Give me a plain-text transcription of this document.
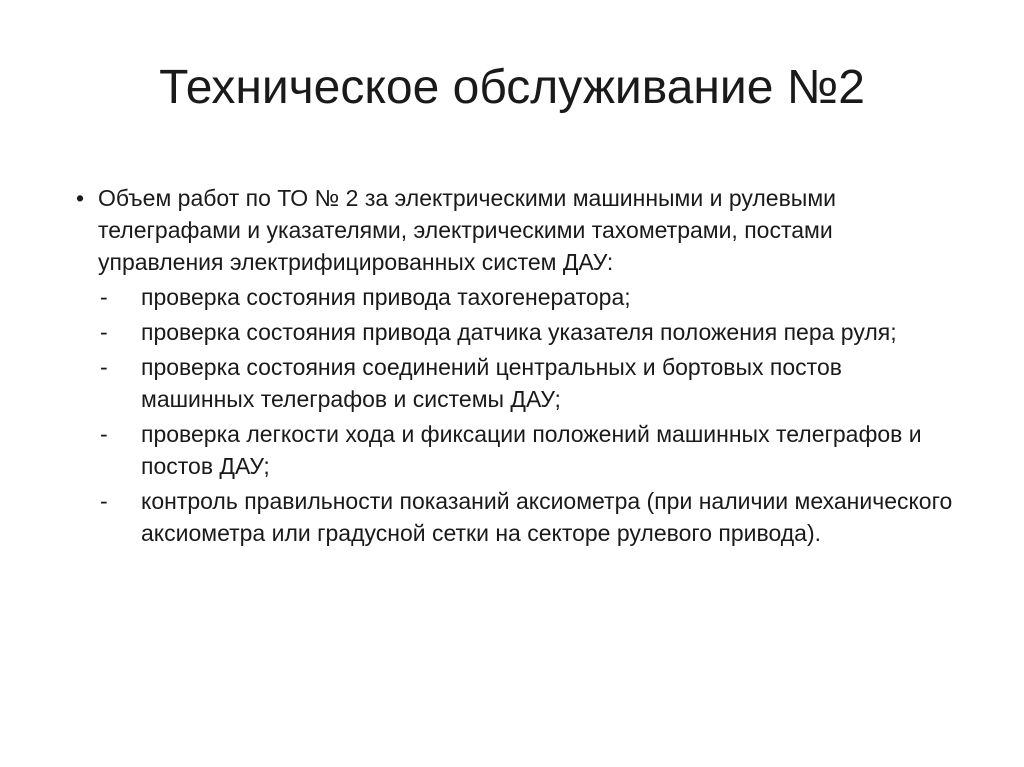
Техническое обслуживание №2
• Объем работ по ТО № 2 за электрическими машинными и рулевыми телеграфами и указателями, электрическими тахометрами, постами управления электрифицированных систем ДАУ:
- проверка состояния привода тахогенератора;
- проверка состояния привода датчика указателя положения пера руля;
- проверка состояния соединений центральных и бортовых постов машинных телеграфов и системы ДАУ;
- проверка легкости хода и фиксации положений машинных телеграфов и постов ДАУ;
- контроль правильности показаний аксиометра (при наличии механического аксиометра или градусной сетки на секторе рулевого привода).
